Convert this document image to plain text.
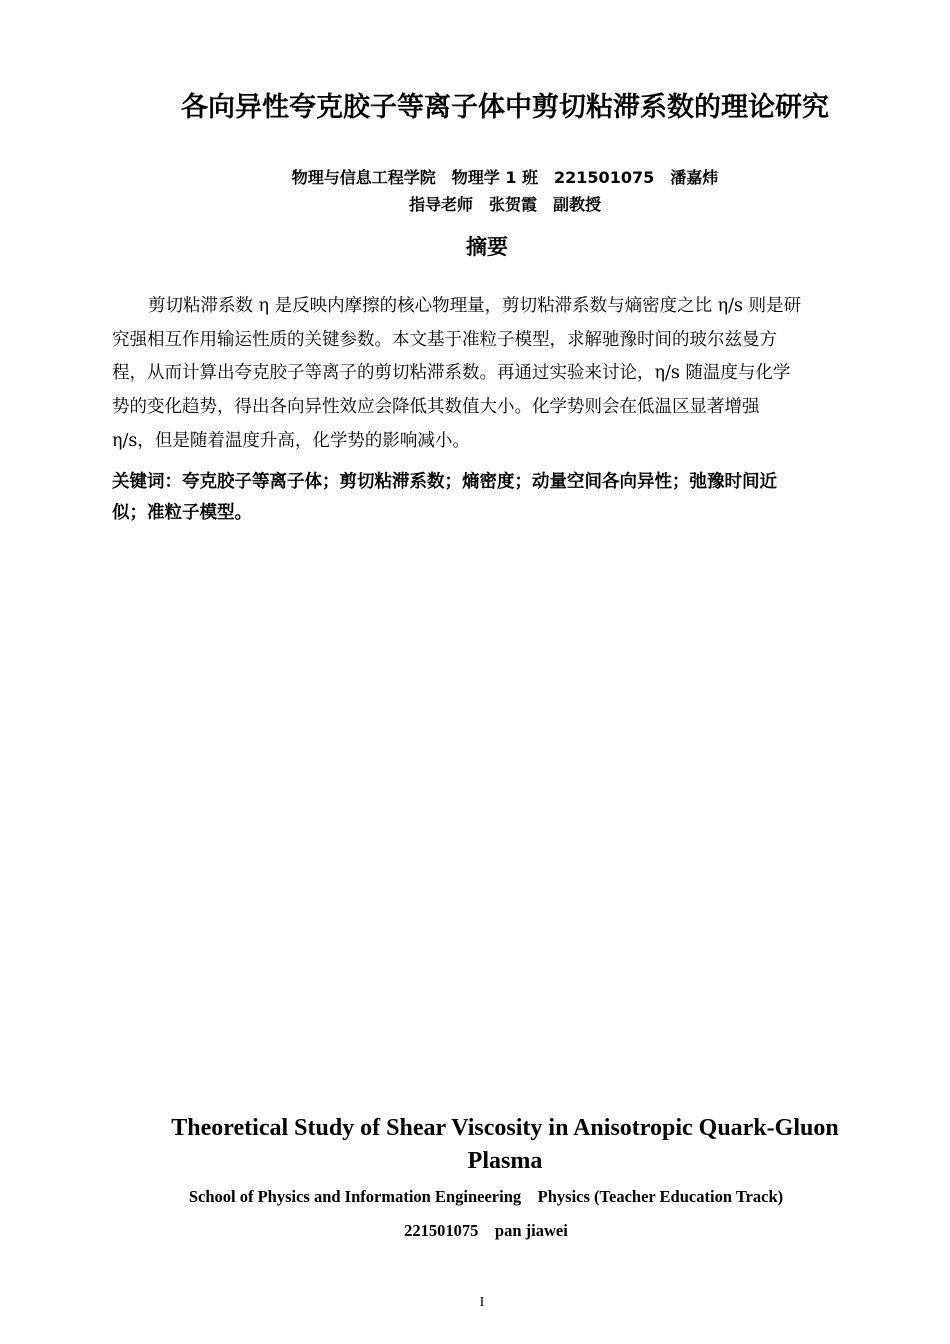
各向异性夸克胶子等离子体中剪切粘滞系数的理论研究
物理与信息工程学院　物理学 1 班　221501075　潘嘉炜
指导老师　张贺霞　副教授
摘要
剪切粘滞系数 η 是反映内摩擦的核心物理量，剪切粘滞系数与熵密度之比 η/s 则是研
究强相互作用输运性质的关键参数。本文基于准粒子模型，求解驰豫时间的玻尔兹曼方
程，从而计算出夸克胶子等离子的剪切粘滞系数。再通过实验来讨论，η/s 随温度与化学
势的变化趋势，得出各向异性效应会降低其数值大小。化学势则会在低温区显著增强
η/s，但是随着温度升高，化学势的影响减小。
关键词：夸克胶子等离子体；剪切粘滞系数；熵密度；动量空间各向异性；弛豫时间近
似；准粒子模型。
Theoretical Study of Shear Viscosity in Anisotropic Quark-Gluon
Plasma
School of Physics and Information Engineering　Physics (Teacher Education Track)
221501075　pan jiawei
I
